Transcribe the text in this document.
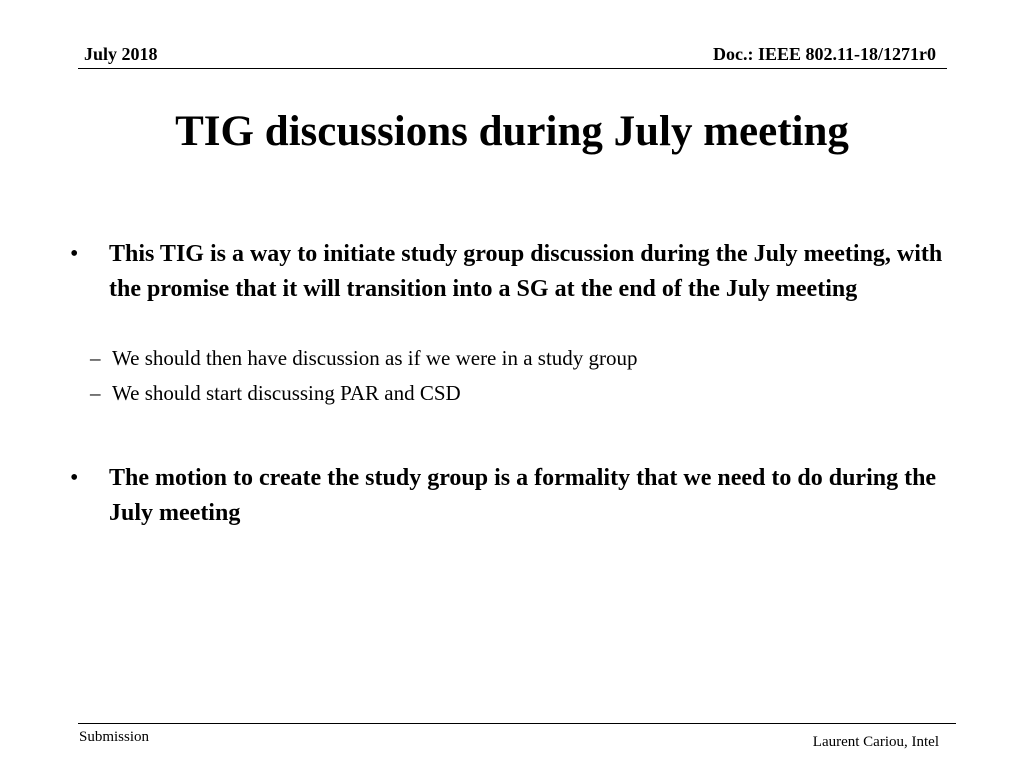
July 2018	Doc.: IEEE 802.11-18/1271r0
TIG discussions during July meeting
• This TIG is a way to initiate study group discussion during the July meeting, with the promise that it will transition into a SG at the end of the July meeting
– We should then have discussion as if we were in a study group
– We should start discussing PAR and CSD
• The motion to create the study group is a formality that we need to do during the July meeting
Submission	Laurent Cariou, Intel
